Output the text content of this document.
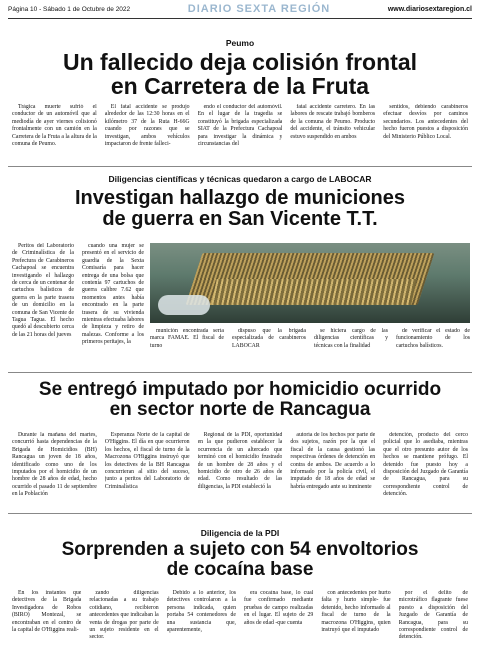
Página 10 - Sábado 1 de Octubre de 2022	DIARIO SEXTA REGIÓN	www.diariosextaregion.cl
Peumo
Un fallecido deja colisión frontal
en Carretera de la Fruta
Trágica muerte sufrió el conductor de un automóvil que al mediodía de ayer viernes colisionó frontalmente con un camión en la Carretera de la Fruta a la altura de la comuna de Peumo.
El fatal accidente se produjo alrededor de las 12:30 horas en el kilómetro 37 de la Ruta H-66G cuando por razones que se investigan, ambos vehículos impactaron de frente falleci-
endo el conductor del automóvil. En el lugar de la tragedia se constituyó la brigada especializada SIAT de la Prefectura Cachapoal para investigar la dinámica y circunstancias del
fatal accidente carretero. En las labores de rescate trabajó bomberos de la comuna de Peumo. Producto del accidente, el tránsito vehicular estuvo suspendido en ambos
sentidos, debiendo carabineros efectuar desvíos por caminos secundarios. Los antecedentes del hecho fueron puestos a disposición del Ministerio Público Local.
Diligencias científicas y técnicas quedaron a cargo de LABOCAR
Investigan hallazgo de municiones
de guerra en San Vicente T.T.
Peritos del Laboratorio de Criminalística de la Prefectura de Carabineros Cachapoal se encuentra investigando el hallazgo de cerca de un centenar de cartuchos balísticos de guerra en la parte trasera de un domicilio en la comuna de San Vicente de Tagua Tagua. El hecho quedó al descubierto cerca de las 21 horas del jueves
cuando una mujer se presentó en el servicio de guardia de la Sexta Comisaría para hacer entrega de una bolsa que contenía 97 cartuchos de guerra calibre 7.62 que momentos antes había encontrado en la parte trasera de su vivienda mientras efectuaba labores de limpieza y retiro de malezas. Conforme a los primeros peritajes, la
munición encontrada sería marca FAMAE. El fiscal de turno
dispuso que la brigada especializada de carabineros LABOCAR
se hiciera cargo de las diligencias científicas y técnicas con la finalidad
de verificar el estado de funcionamiento de los cartuchos balísticos.
Se entregó imputado por homicidio ocurrido
en sector norte de Rancagua
Durante la mañana del martes, concurrió hasta dependencias de la Brigada de Homicidios (BH) Rancagua un joven de 18 años, identificado como uno de los imputados por el homicidio de un hombre de 28 años de edad, hecho ocurrido el pasado 11 de septiembre en la Población
Esperanza Norte de la capital de O'Higgins. El día en que ocurrieron los hechos, el fiscal de turno de la Macrozona O'Higgins instruyó que los detectives de la BH Rancagua concurrieran al sitio del suceso, junto a peritos del Laboratorio de Criminalística
Regional de la PDI, oportunidad en la que pudieron establecer la ocurrencia de un altercado que terminó con el homicidio frustrado de un hombre de 28 años y el homicidio de otro de 26 años de edad. Como resultado de las diligencias, la PDI estableció la
autoría de los hechos por parte de dos sujetos, razón por la que el fiscal de la causa gestionó las respectivas órdenes de detención en contra de ambos. De acuerdo a lo informado por la policía civil, el imputado de 18 años de edad se habría entregado ante su inminente
detención, producto del cerco policial que lo asediaba, mientras que el otro presunto autor de los hechos se mantiene prófugo. El detenido fue puesto hoy a disposición del Juzgado de Garantía de Rancagua, para su correspondiente control de detención.
Diligencia de la PDI
Sorprenden a sujeto con 54 envoltorios
de cocaína base
En los instantes que detectives de la Brigada Investigadora de Robos (BIRO) Montezal, se encontraban en el centro de la capital de O'Higgins reali-
zando diligencias relacionadas a su trabajo cotidiano, recibieron antecedentes que indicaban la venta de drogas por parte de un sujeto residente en el sector.
Debido a lo anterior, los detectives controlaron a la persona indicada, quien portaba 54 contenedores de una sustancia que, aparentemente,
era cocaína base, lo cual fue confirmado mediante pruebas de campo realizadas en el lugar. El sujeto de 29 años de edad -que cuenta
con antecedentes por hurto falta y hurto simple- fue detenido, hecho informado al fiscal de turno de la macrozona O'Higgins, quien instruyó que el imputado
por el delito de microtráfico flagrante fuese puesto a disposición del Juzgado de Garantía de Rancagua, para su correspondiente control de detención.
